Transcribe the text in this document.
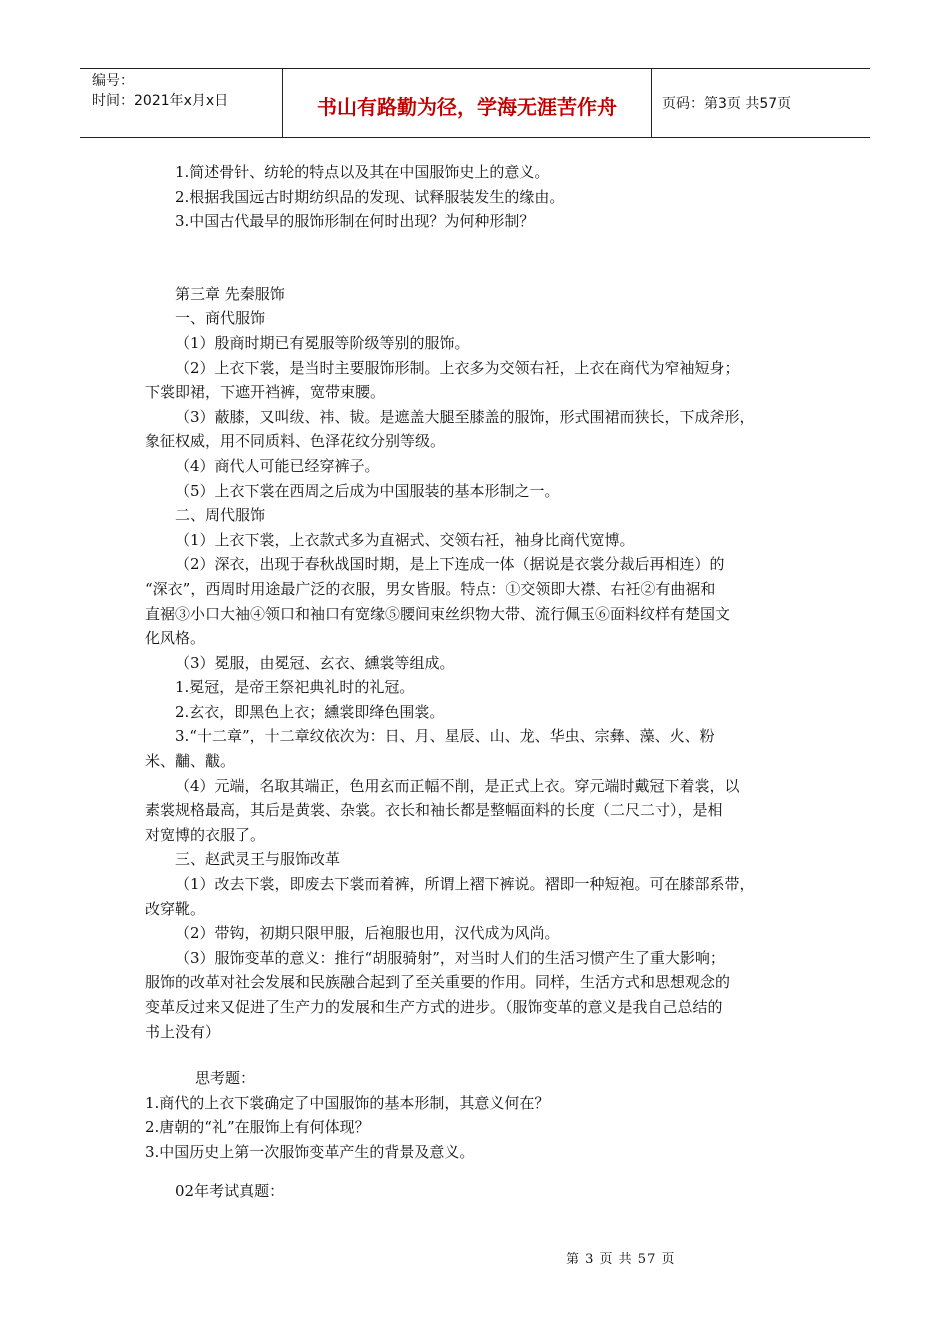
编号：
时间：2021年x月x日	书山有路勤为径，学海无涯苦作舟	页码：第3页 共57页
1.简述骨针、纺轮的特点以及其在中国服饰史上的意义。
2.根据我国远古时期纺织品的发现、试释服装发生的缘由。
3.中国古代最早的服饰形制在何时出现？为何种形制？
第三章 先秦服饰
一、商代服饰
（1）殷商时期已有冕服等阶级等别的服饰。
（2）上衣下裳，是当时主要服饰形制。上衣多为交领右衽，上衣在商代为窄袖短身；
下裳即裙，下遮开裆裤，宽带束腰。
（3）蔽膝，又叫绂、祎、韨。是遮盖大腿至膝盖的服饰，形式围裙而狭长，下成斧形，
象征权威，用不同质料、色泽花纹分别等级。
（4）商代人可能已经穿裤子。
（5）上衣下裳在西周之后成为中国服装的基本形制之一。
二、周代服饰
（1）上衣下裳，上衣款式多为直裾式、交领右衽，袖身比商代宽博。
（2）深衣，出现于春秋战国时期，是上下连成一体（据说是衣裳分裁后再相连）的
“深衣”，西周时用途最广泛的衣服，男女皆服。特点：①交领即大襟、右衽②有曲裾和
直裾③小口大袖④领口和袖口有宽缘⑤腰间束丝织物大带、流行佩玉⑥面料纹样有楚国文
化风格。
（3）冕服，由冕冠、玄衣、纁裳等组成。
1.冕冠，是帝王祭祀典礼时的礼冠。
2.玄衣，即黑色上衣；纁裳即绛色围裳。
3.“十二章”，十二章纹依次为：日、月、星辰、山、龙、华虫、宗彝、藻、火、粉
米、黼、黻。
（4）元端，名取其端正，色用玄而正幅不削，是正式上衣。穿元端时戴冠下着裳，以
素裳规格最高，其后是黄裳、杂裳。衣长和袖长都是整幅面料的长度（二尺二寸），是相
对宽博的衣服了。
三、赵武灵王与服饰改革
（1）改去下裳，即废去下裳而着裤，所谓上褶下裤说。褶即一种短袍。可在膝部系带，
改穿靴。
（2）带钩，初期只限甲服，后袍服也用，汉代成为风尚。
（3）服饰变革的意义：推行“胡服骑射”，对当时人们的生活习惯产生了重大影响；
服饰的改革对社会发展和民族融合起到了至关重要的作用。同样，生活方式和思想观念的
变革反过来又促进了生产力的发展和生产方式的进步。（服饰变革的意义是我自己总结的
书上没有）
思考题：
1.商代的上衣下裳确定了中国服饰的基本形制，其意义何在？
2.唐朝的“礼”在服饰上有何体现？
3.中国历史上第一次服饰变革产生的背景及意义。
02年考试真题：
第 3 页 共 57 页
